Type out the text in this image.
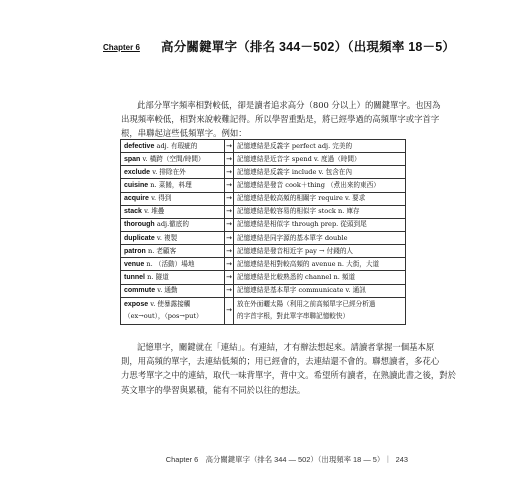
Chapter 6 高分關鍵單字（排名 344－502）（出現頻率 18－5）
此部分單字頻率相對較低，卻是讀者追求高分（800 分以上）的關鍵單字。也因為
出現頻率較低，相對來說較難記得。所以學習重點是，將已經學過的高頻單字或字首字
根，串聯起這些低頻單字。例如：
defective adj. 有瑕疵的	→	記憶連結是反義字 perfect adj. 完美的
span v. 橫跨（空間/時間）	→	記憶連結是近音字 spend v. 度過（時間）
exclude v. 排除在外	→	記憶連結是反義字 include v. 包含在內
cuisine n. 菜餚，料理	→	記憶連結是發音 cook＋thing （煮出來的東西）
acquire v. 得到	→	記憶連結是較高頻的相關字 require v. 要求
stack v. 堆疊	→	記憶連結是較容易的相似字 stock n. 庫存
thorough adj.徹底的	→	記憶連結是相似字 through prep. 從頭到尾
duplicate v. 複製	→	記憶連結是同字源的基本單字 double
patron n. 老顧客	→	記憶連結是發音相近字 pay → 付錢的人
venue n. （活動）場地	→	記憶連結是相對較高頻的 avenue n. 大街，大道
tunnel n. 隧道	→	記憶連結是比較熟悉的 channel n. 頻道
commute v. 通勤	→	記憶連結是基本單字 communicate v. 通訊
expose v. 使暴露接觸
（ex→out），（pos→put）	→	放在外面曬太陽（利用之前高頻單字已經分析過
的字首字根，對此單字串聯記憶較快）
記憶單字，關鍵就在「連結」。有連結，才有辦法想起來。請讀者掌握一個基本原
則，用高頻的單字，去連結低頻的；用已經會的，去連結還不會的。聯想讀者，多花心
力思考單字之中的連結，取代一味背單字，背中文。希望所有讀者，在熟讀此書之後，對於
英文單字的學習與累積，能有不同於以往的想法。
Chapter 6　高分關鍵單字（排名 344 — 502）（出現頻率 18 — 5）｜ 243
